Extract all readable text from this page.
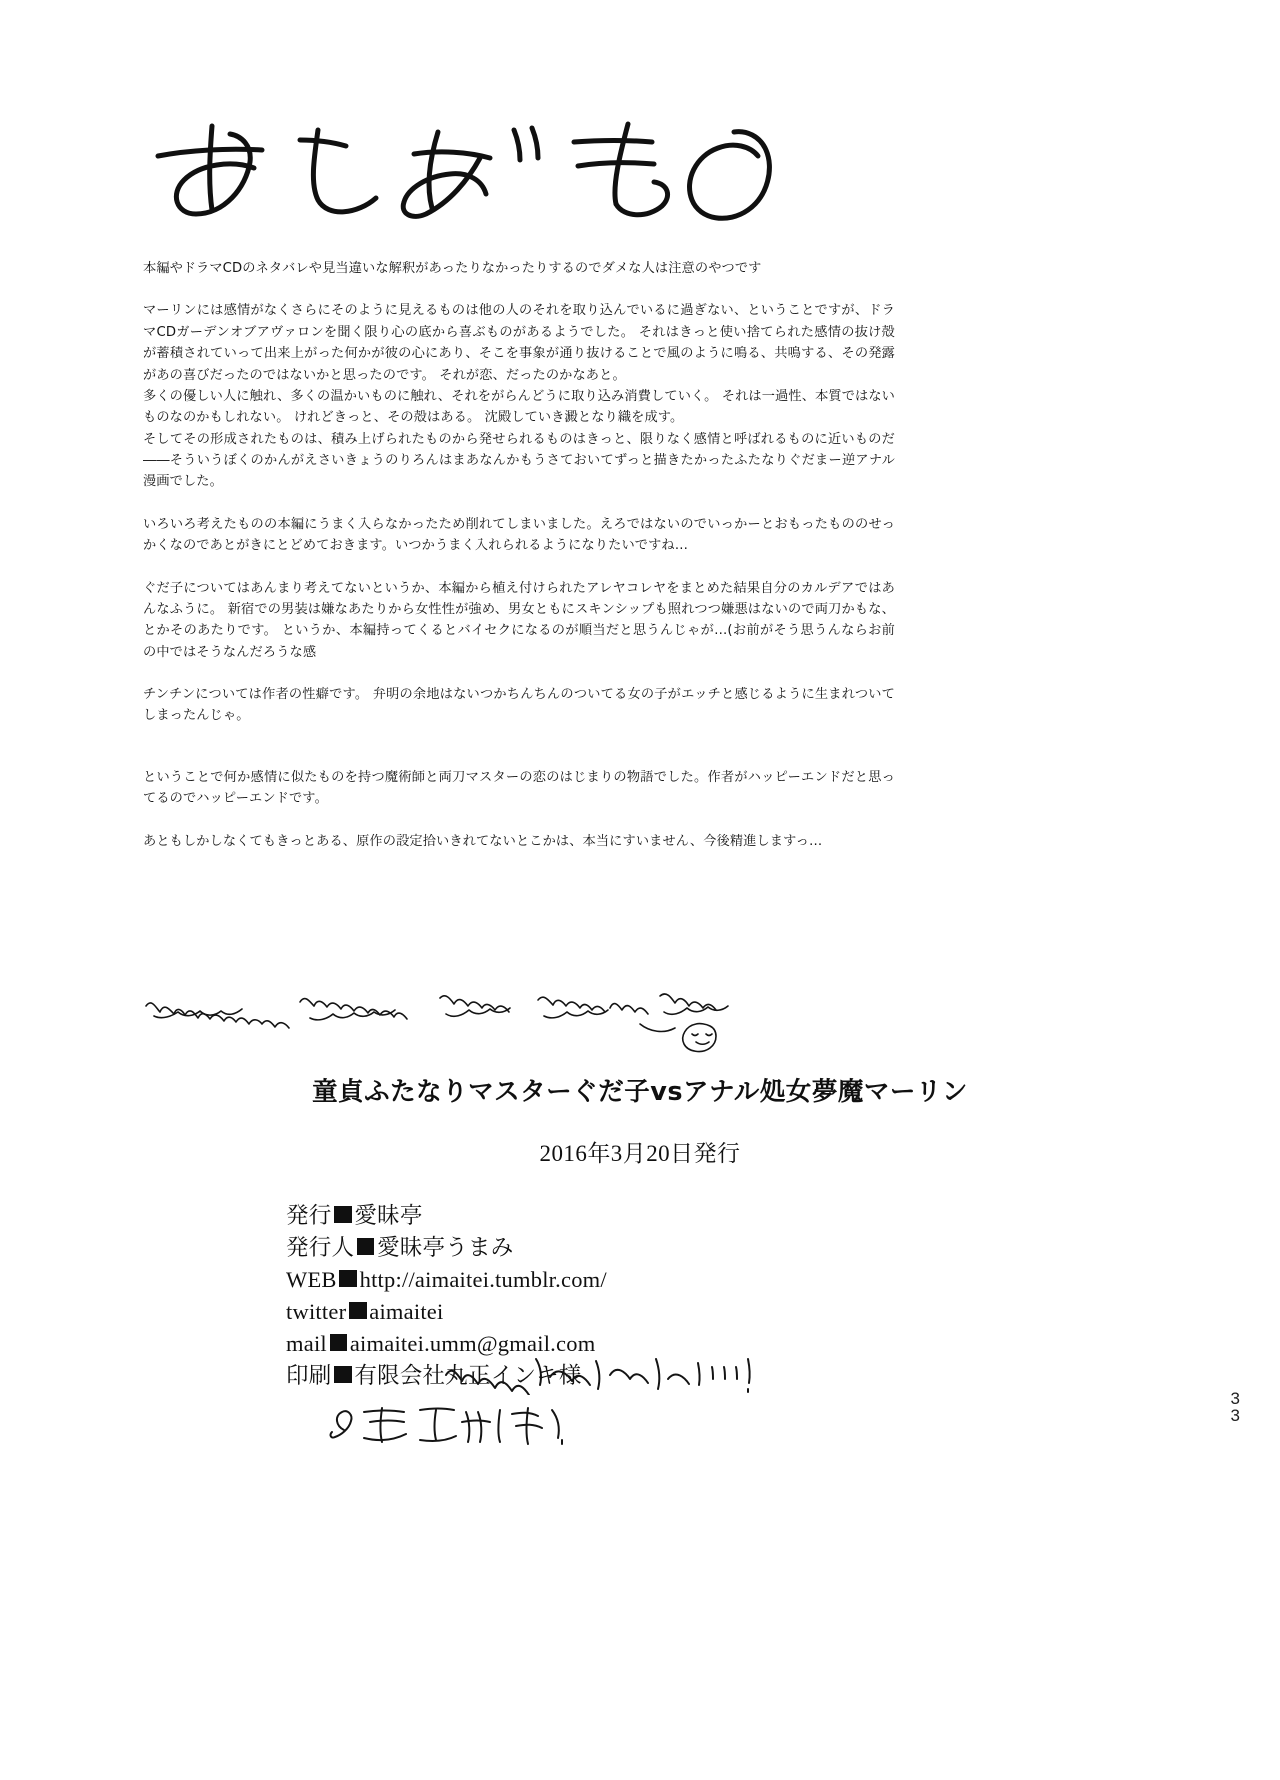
本編やドラマCDのネタバレや見当違いな解釈があったりなかったりするのでダメな人は注意のやつです

マーリンには感情がなくさらにそのように見えるものは他の人のそれを取り込んでいるに過ぎない、ということですが、ドラマCDガーデンオブアヴァロンを聞く限り心の底から喜ぶものがあるようでした。 それはきっと使い捨てられた感情の抜け殻が蓄積されていって出来上がった何かが彼の心にあり、そこを事象が通り抜けることで風のように鳴る、共鳴する、その発露があの喜びだったのではないかと思ったのです。 それが恋、だったのかなあと。

多くの優しい人に触れ、多くの温かいものに触れ、それをがらんどうに取り込み消費していく。 それは一過性、本質ではないものなのかもしれない。 けれどきっと、その殻はある。 沈殿していき澱となり織を成す。

そしてその形成されたものは、積み上げられたものから発せられるものはきっと、限りなく感情と呼ばれるものに近いものだ――そういうぼくのかんがえさいきょうのりろんはまあなんかもうさておいてずっと描きたかったふたなりぐだまー逆アナル漫画でした。

いろいろ考えたものの本編にうまく入らなかったため削れてしまいました。えろではないのでいっかーとおもったもののせっかくなのであとがきにとどめておきます。いつかうまく入れられるようになりたいですね…

ぐだ子についてはあんまり考えてないというか、本編から植え付けられたアレヤコレヤをまとめた結果自分のカルデアではあんなふうに。 新宿での男装は嫌なあたりから女性性が強め、男女ともにスキンシップも照れつつ嫌悪はないので両刀かもな、とかそのあたりです。 というか、本編持ってくるとバイセクになるのが順当だと思うんじゃが…(お前がそう思うんならお前の中ではそうなんだろうな感

チンチンについては作者の性癖です。 弁明の余地はないつかちんちんのついてる女の子がエッチと感じるように生まれついてしまったんじゃ。

ということで何か感情に似たものを持つ魔術師と両刀マスターの恋のはじまりの物語でした。作者がハッピーエンドだと思ってるのでハッピーエンドです。

あともしかしなくてもきっとある、原作の設定拾いきれてないとこかは、本当にすいません、今後精進しますっ…

童貞ふたなりマスターぐだ子vsアナル処女夢魔マーリン
2016年3月20日発行
発行 愛昧亭
発行人 愛昧亭うまみ
WEB http://aimaitei.tumblr.com/
twitter aimaitei
mail aimaitei.umm@gmail.com
印刷 有限会社丸正インキ様
3
3
